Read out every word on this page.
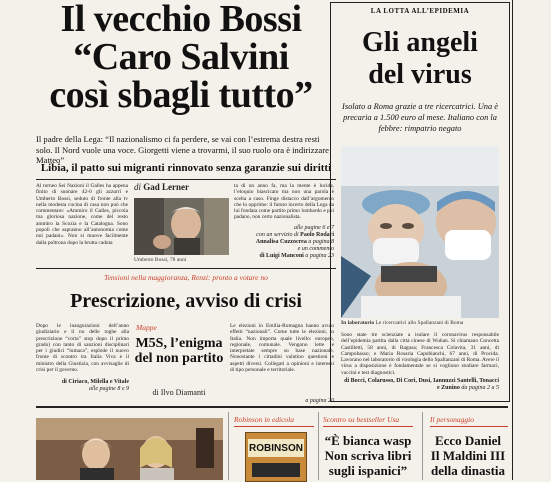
Il vecchio Bossi
“Caro Salvini
così sbagli tutto”
Il padre della Lega: “Il nazionalismo ci fa perdere, se vai con l’estrema destra resti solo. Il Nord vuole una voce. Giorgetti viene a trovarmi, il suo ruolo ora è indirizzare Matteo”
Libia, il patto sui migranti rinnovato senza garanzie sui diritti
Al torneo Sei Nazioni il Galles ha appena finito di suonare 42-0 gli azzurri e Umberto Bossi, seduto di fronte alla tv nella modesta cucina di casa non può che commentare: «Ammiro il Galles, piccola ma gloriosa nazione, come del resto ammiro la Scozia e la Catalogna. Sono popoli che sapranno all’autonomia come noi padani». Non si muove facilmente dalla poltrona dopo la brutta caduta
di Gad Lerner
Umberto Bossi, 78 anni
ta di un anno fa, ma la mente è lucida, l’eloquio biascicato ma non una parola è scelta a caso. Finge distacco dall’argomento che lo opprime: il futuro incerto della Lega da lui fondata come partito primo lombardo e poi padano, non certo nazionalista.
alle pagine 6 e 7
con un servizio di Paolo Rodari
Annalisa Cuzzocrea a pagina 8
e un commento
di Luigi Manconi a pagina 23
Tensioni nella maggioranza, Renzi: pronto a votare no
Prescrizione, avviso di crisi
Dopo le inaugurazioni dell’anno giudiziario e il no delle toghe alla prescrizione “corta” stop dopo il primo grado) con tanto di sanzioni disciplinari per i giudici “lumaca”, esplode il nuovo fronte di scontro tra Italia Viva e il ministro della Giustizia, con avvisaglie di crisi per il governo.
di Ciriaco, Milella e Vitale
alle pagine 8 e 9
Mappe
M5S, l’enigma
del non partito
di Ilvo Diamanti
Le elezioni in Emilia-Romagna hanno avuto effetti “nazionali”. Come tutte le elezioni, in Italia. Non importa quale livello: europeo, regionale, comunale. Vengono lette e interpretate sempre su base nazionale. Nonostante i cittadini valutino questioni e aspetti diversi. Collegati a opinioni e interessi di tipo personale e territoriale.
a pagina 20
LA LOTTA ALL’EPIDEMIA
Gli angeli
del virus
Isolato a Roma grazie a tre ricercatrici. Una è precaria a 1.500 euro al mese. Italiano con la febbre: rimpatrio negato
In laboratorio Le ricercatrici allo Spallanzani di Roma
Sono state tre scienziate a isolare il coronavirus responsabile dell’epidemia partita dalla città cinese di Wuhan. Si chiamano Concetta Castilletti, 58 anni, di Ragusa; Francesca Colavita, 31 anni, di Campobasso; e Maria Rosaria Capobianchi, 67 anni, di Procida. Lavorano nel laboratorio di virologia dello Spallanzani di Roma. Avere il virus a disposizione è fondamentale se si vogliono studiare farmaci, vaccini e test diagnostici.
di Bocci, Colarusso, Di Cori, Dusi, Iannuzzi Santelli, Tonacci e Zunino da pagina 2 a 5
Robinson in edicola
ROBINSON
Scontro su bestseller Usa
“È bianca wasp
Non scriva libri
sugli ispanici”
Il personaggio
Ecco Daniel
Il Maldini III
della dinastia
